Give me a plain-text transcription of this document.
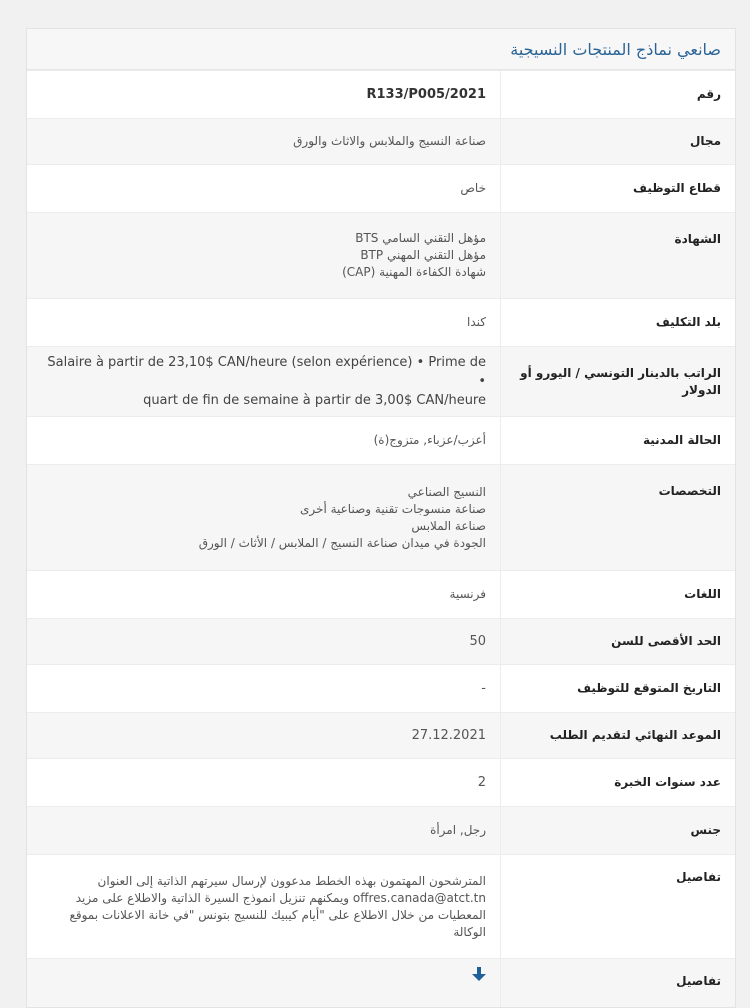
صانعي نماذج المنتجات النسيجية
رقم	R133/P005/2021
مجال	صناعة النسيج والملابس والاثاث والورق
قطاع التوظيف	خاص
الشهادة	مؤهل التقني السامي BTS
مؤهل التقني المهني BTP
شهادة الكفاءة المهنية (CAP)

بلد التكليف	كندا
الراتب بالدينار التونسي / اليورو أو الدولار	Salaire à partir de 23,10$ CAN/heure (selon expérience) • Prime de •
quart de fin de semaine à partir de 3,00$ CAN/heure

الحالة المدنية	أعزب/عزباء, متزوج(ة)
التخصصات	النسيج الصناعي
صناعة منسوجات تقنية وصناعية أخرى
صناعة الملابس
الجودة في ميدان صناعة النسيج / الملابس / الأثاث / الورق

اللغات	فرنسية
الحد الأقصى للسن	50
التاريخ المتوقع للتوظيف	-
الموعد النهائي لتقديم الطلب	27.12.2021
عدد سنوات الخبرة	2
جنس	رجل, امرأة
تفاصيل	المترشحون المهتمون بهذه الخطط مدعوون لإرسال سيرتهم الذاتية إلى العنوان
offres.canada@atct.tn ويمكنهم تنزيل انموذج السيرة الذاتية والاطلاع على مزيد
المعطيات من خلال الاطلاع على "أيام كيبيك للنسيج بتونس "في خانة الاعلانات بموقع
الوكالة

تفاصيل	
